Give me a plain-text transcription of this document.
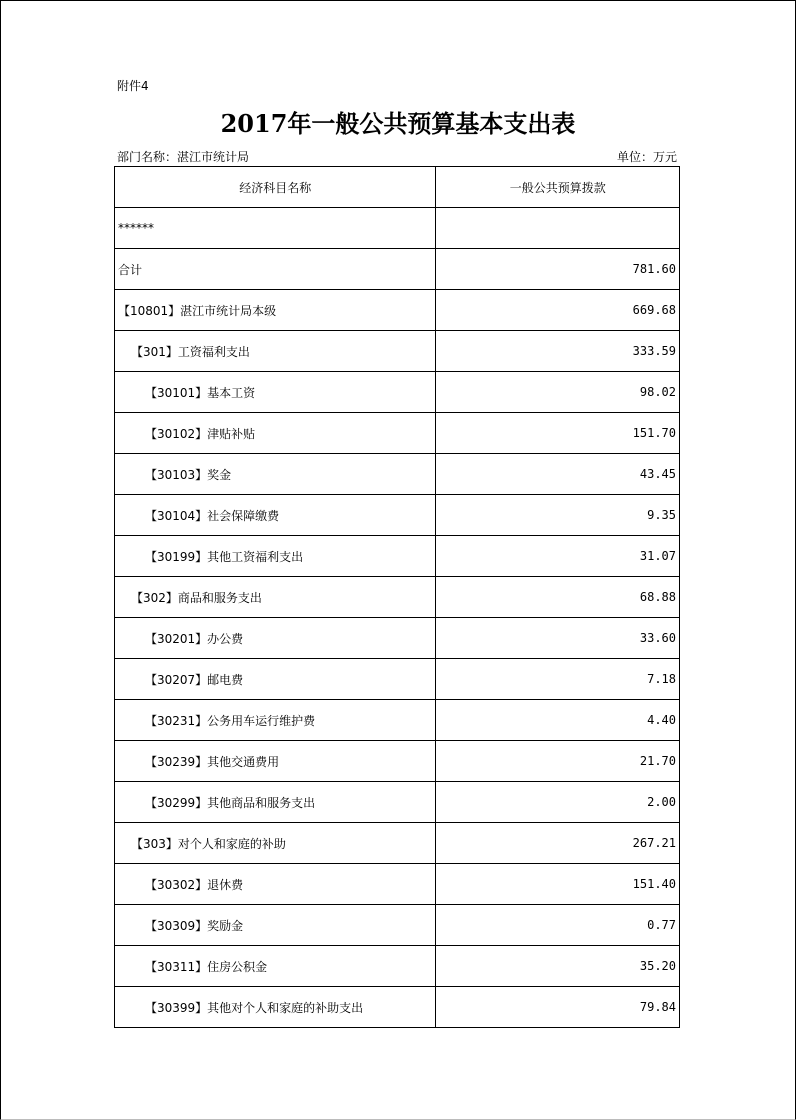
附件4
2017年一般公共预算基本支出表
部门名称：湛江市统计局	单位：万元
经济科目名称	一般公共预算拨款
******	
合计	781.60
【10801】湛江市统计局本级	669.68
【301】工资福利支出	333.59
【30101】基本工资	98.02
【30102】津贴补贴	151.70
【30103】奖金	43.45
【30104】社会保障缴费	9.35
【30199】其他工资福利支出	31.07
【302】商品和服务支出	68.88
【30201】办公费	33.60
【30207】邮电费	7.18
【30231】公务用车运行维护费	4.40
【30239】其他交通费用	21.70
【30299】其他商品和服务支出	2.00
【303】对个人和家庭的补助	267.21
【30302】退休费	151.40
【30309】奖励金	0.77
【30311】住房公积金	35.20
【30399】其他对个人和家庭的补助支出	79.84
